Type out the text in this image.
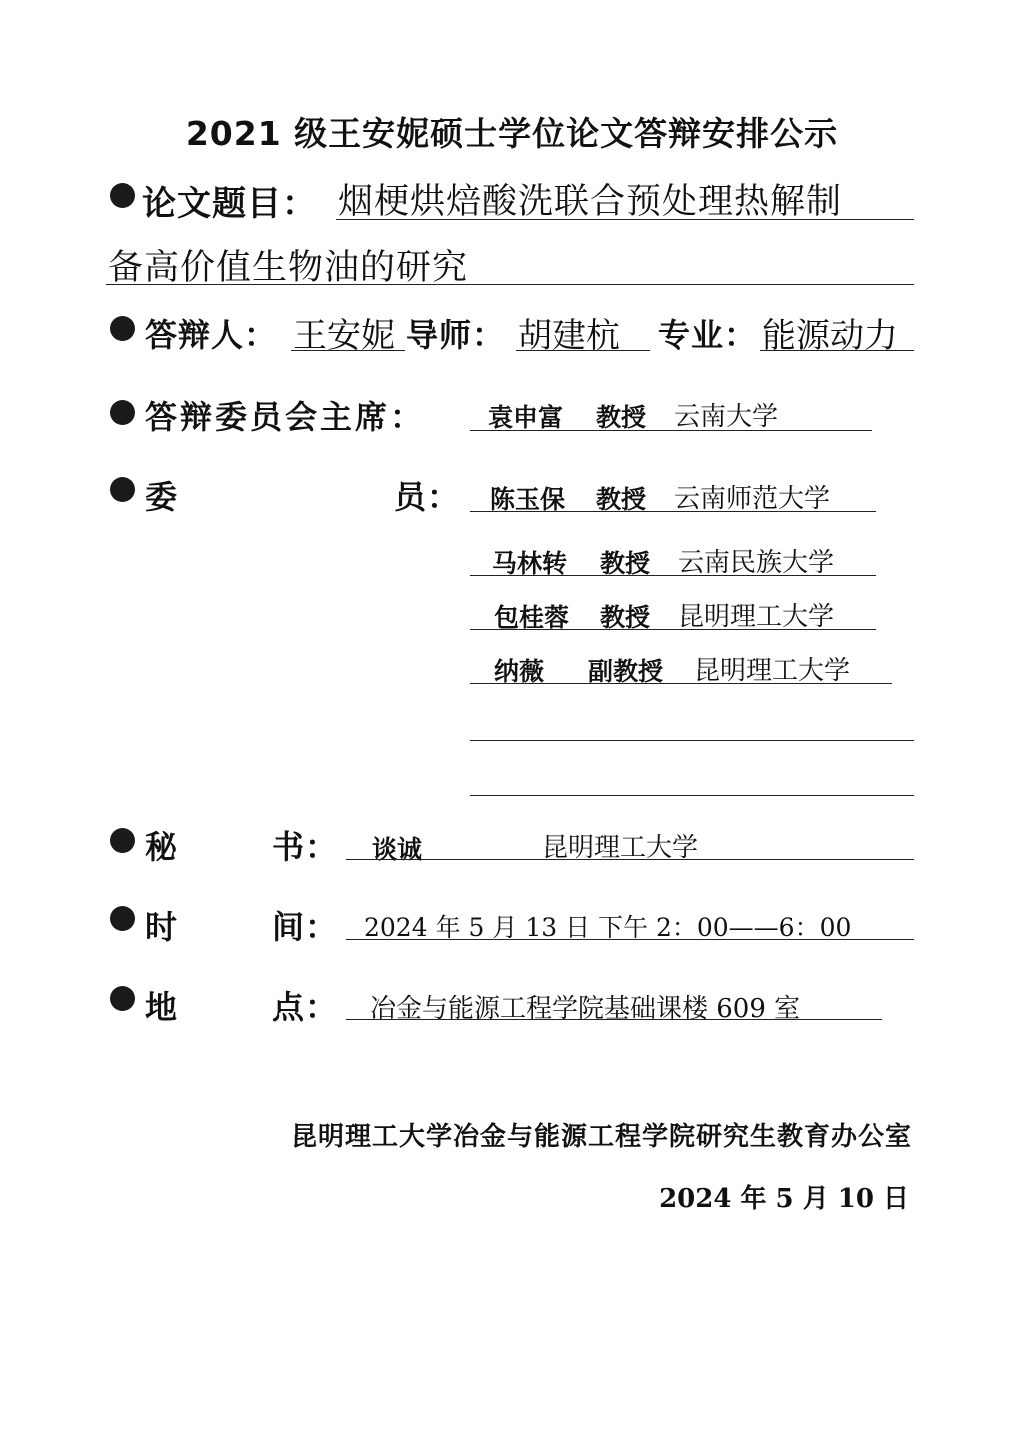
2021 级王安妮硕士学位论文答辩安排公示
论文题目： 烟梗烘焙酸洗联合预处理热解制
备高价值生物油的研究
答辩人： 王安妮 导师： 胡建杭 专业： 能源动力
答辩委员会主席：	袁申富 教授 云南大学
委	员： 陈玉保 教授 云南师范大学
马林转 教授 云南民族大学
包桂蓉 教授 昆明理工大学
纳薇 副教授 昆明理工大学
秘	书： 谈诚	昆明理工大学
时	间： 2024 年 5 月 13 日 下午 2：00——6：00
地	点： 冶金与能源工程学院基础课楼 609 室
昆明理工大学冶金与能源工程学院研究生教育办公室
2024 年 5 月 10 日
